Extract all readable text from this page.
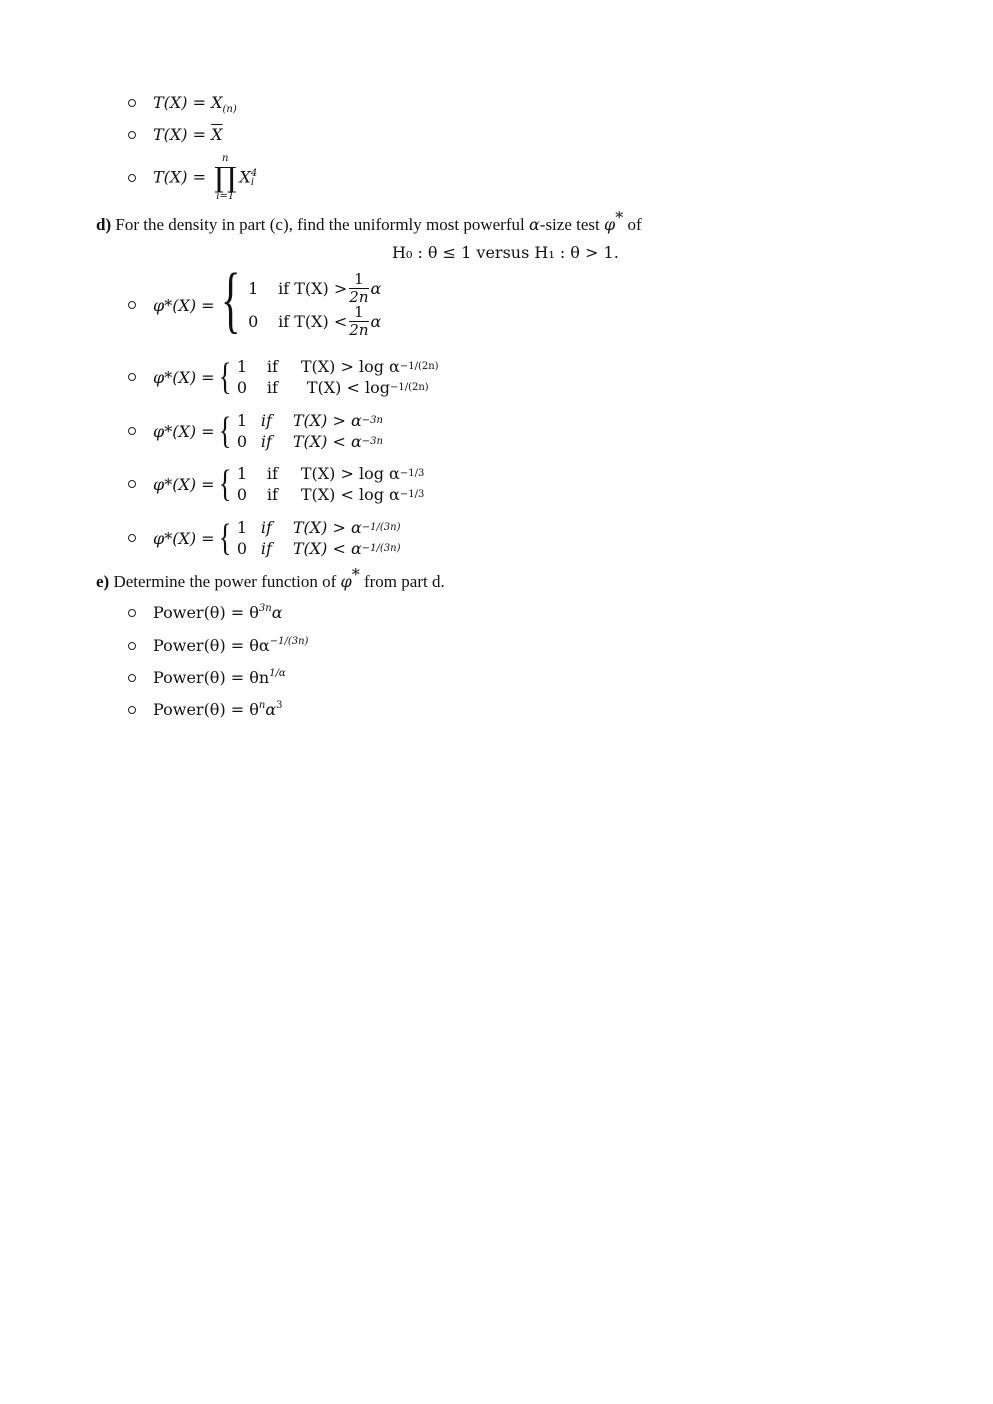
$T(X) = X_{(n)}$
$T(X) = \overline{X}$
T(X) =
n
∏
i=1
X 4
i
d) For the density in part (c), find the uniformly most powerful α-size test φ* of
H₀ : θ ≤ 1 versus H₁ : θ > 1.
φ*(X) = { 1	if $T(X) > \frac{1}{2n}$ α
0	if $T(X) < \frac{1}{2n}$ α
φ*(X) = { 1	if	T(X) > log α −1/(2n)
0	if	T(X) < log −1/(2n)
φ*(X) = { 1 if	T(X) > α −3n
0 if	T(X) < α −3n
φ*(X) = { 1	if	T(X) > log α −1/3
0	if	T(X) < log α −1/3
φ*(X) = { 1 if	T(X) > α −1/(3n)
0 if	T(X) < α −1/(3n)
e) Determine the power function of φ* from part d.
Power(θ) = $\theta^{3n}\alpha$
Power(θ) = $\theta\alpha^{-1/(3n)}$
Power(θ) = $\theta n^{1/\alpha}$
Power(θ) = $\theta^n\alpha^3$
